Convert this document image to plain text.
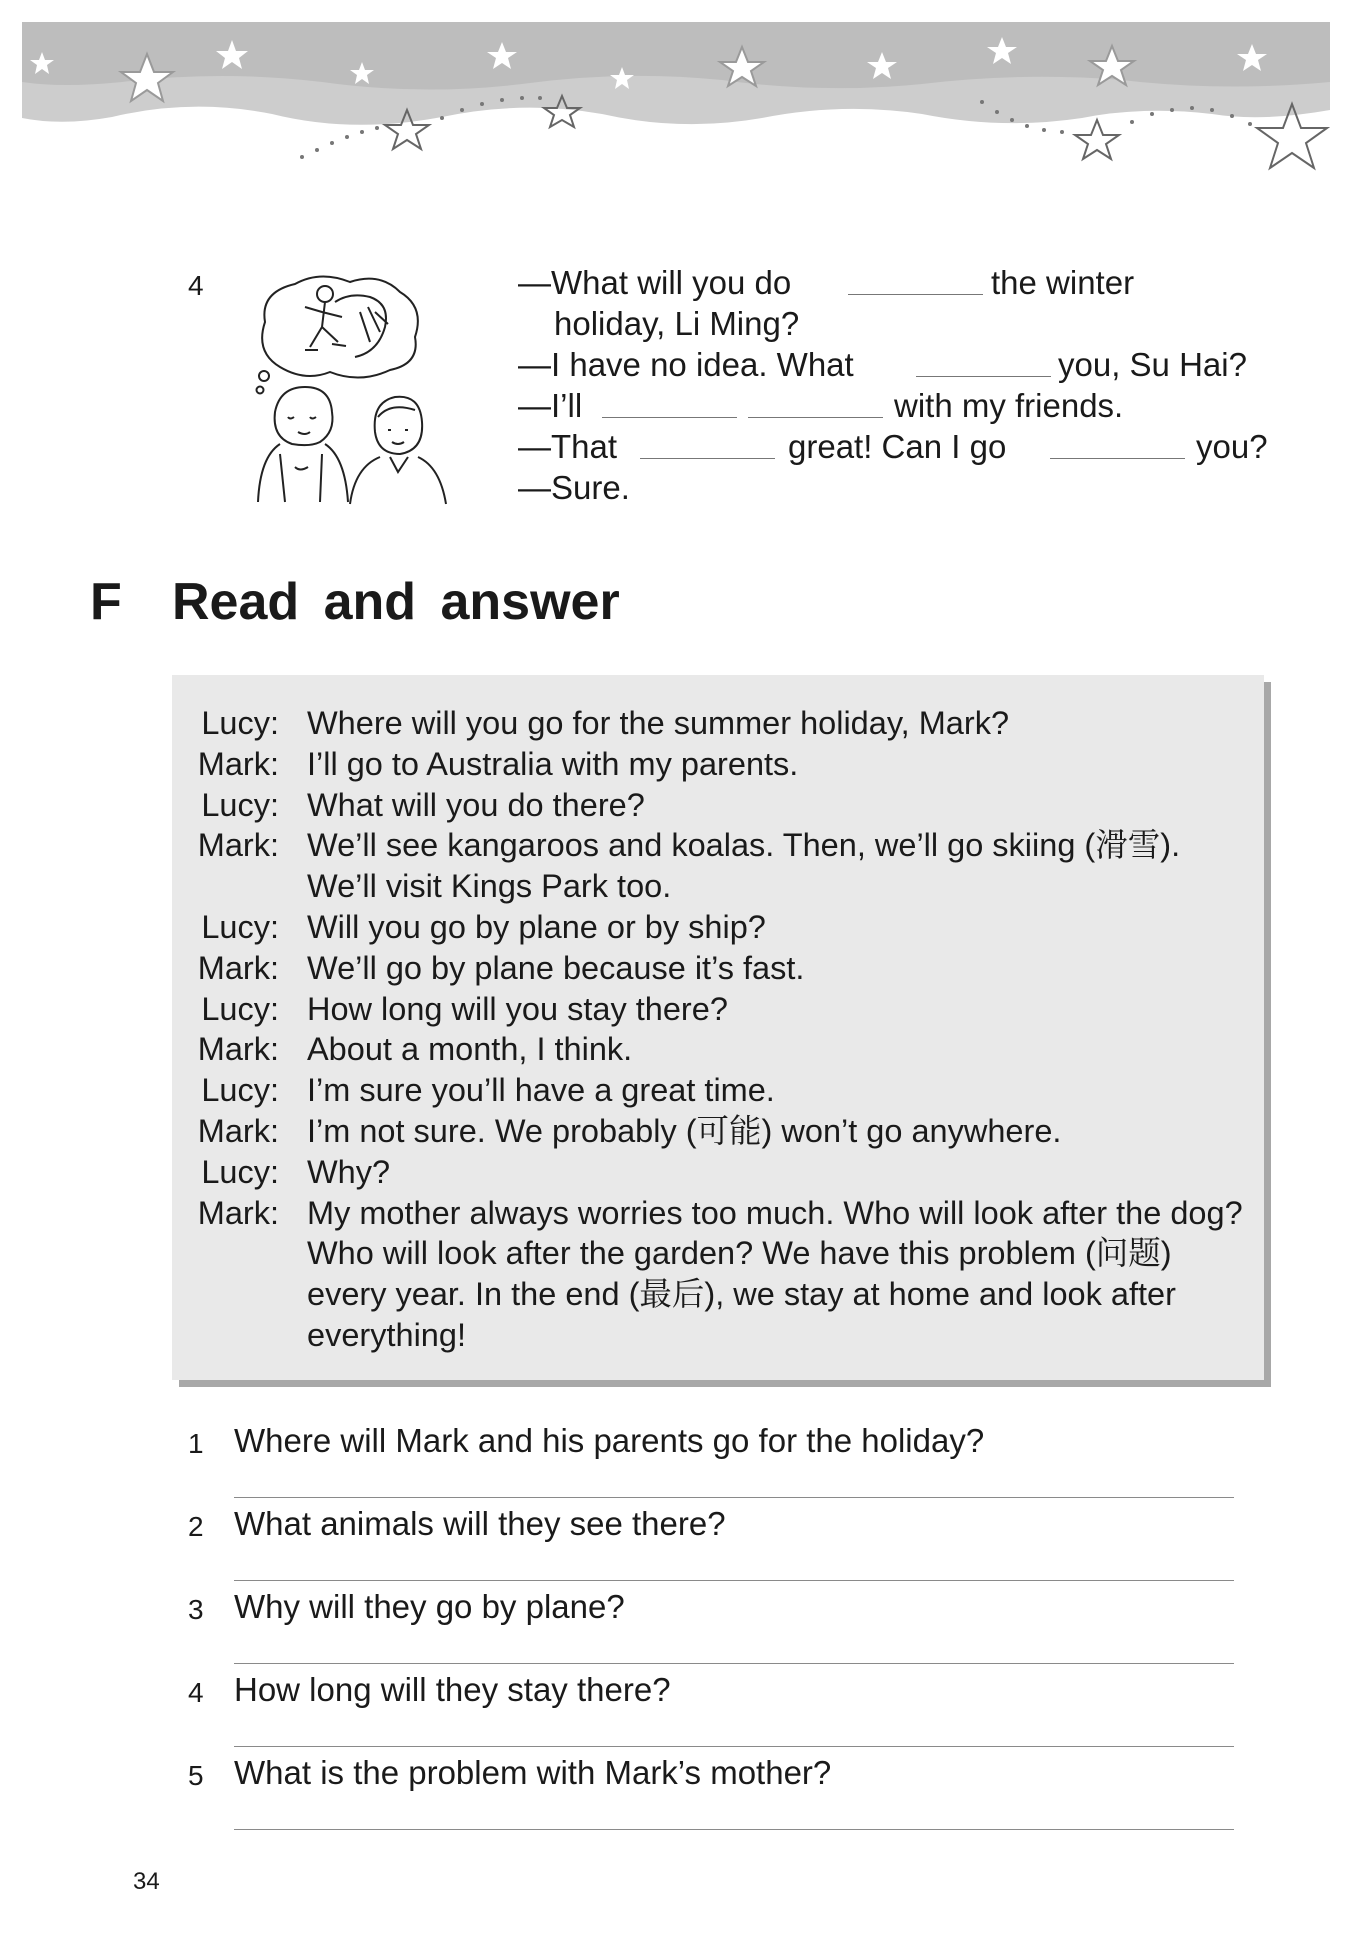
4	—What will you do	the winter
holiday, Li Ming?
—I have no idea. What	you, Su Hai?
—I’ll	with my friends.
—That	great! Can I go	you?
—Sure.
F Read and answer
Lucy: Where will you go for the summer holiday, Mark?
Mark: I’ll go to Australia with my parents.
Lucy: What will you do there?
Mark: We’ll see kangaroos and koalas. Then, we’ll go skiing (滑雪). We’ll visit Kings Park too.
Lucy: Will you go by plane or by ship?
Mark: We’ll go by plane because it’s fast.
Lucy: How long will you stay there?
Mark: About a month, I think.
Lucy: I’m sure you’ll have a great time.
Mark: I’m not sure. We probably (可能) won’t go anywhere.
Lucy: Why?
Mark: My mother always worries too much. Who will look after the dog? Who will look after the garden? We have this problem (问题) every year. In the end (最后), we stay at home and look after everything!
1 Where will Mark and his parents go for the holiday?
2 What animals will they see there?
3 Why will they go by plane?
4 How long will they stay there?
5 What is the problem with Mark’s mother?
34
